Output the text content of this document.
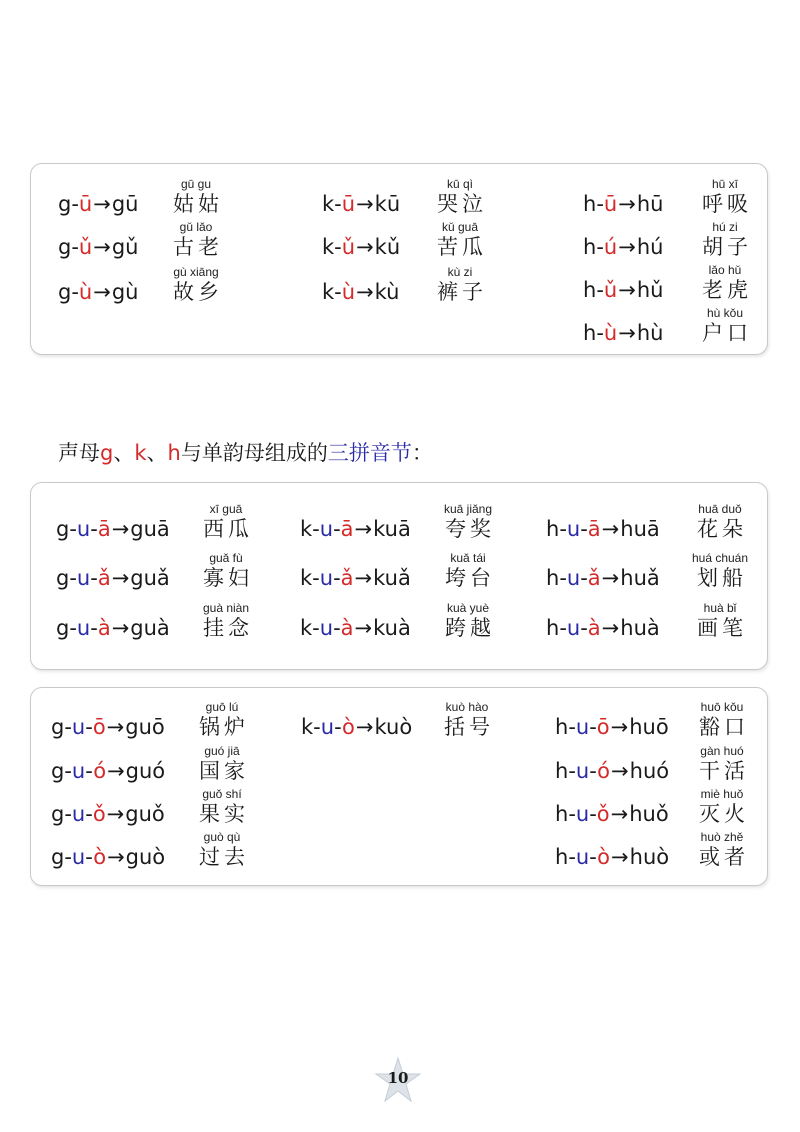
声母g、k、h与单韵母组成的三拼音节：
g-ū→gū
gū gu
姑姑
g-ǔ→gǔ
gǔ lǎo
古老
g-ù→gù
gù xiāng
故乡
k-ū→kū
kū qì
哭泣
k-ǔ→kǔ
kǔ guā
苦瓜
k-ù→kù
kù zi
裤子
h-ū→hū
hū xī
呼吸
h-ú→hú
hú zi
胡子
h-ǔ→hǔ
lǎo hǔ
老虎
h-ù→hù
hù kǒu
户口
g-u-ā→guā
xī guā
西瓜
g-u-ǎ→guǎ
guǎ fù
寡妇
g-u-à→guà
guà niàn
挂念
k-u-ā→kuā
kuā jiǎng
夸奖
k-u-ǎ→kuǎ
kuǎ tái
垮台
k-u-à→kuà
kuà yuè
跨越
h-u-ā→huā
huā duǒ
花朵
h-u-ǎ→huǎ
huá chuán
划船
h-u-à→huà
huà bǐ
画笔
g-u-ō→guō
guō lú
锅炉
g-u-ó→guó
guó jiā
国家
g-u-ǒ→guǒ
guǒ shí
果实
g-u-ò→guò
guò qù
过去
k-u-ò→kuò
kuò hào
括号	h-u-ō→huō
huō kǒu
豁口
h-u-ó→huó
gàn huó
干活
h-u-ǒ→huǒ
miè huǒ
灭火
h-u-ò→huò
huò zhě
或者
10
